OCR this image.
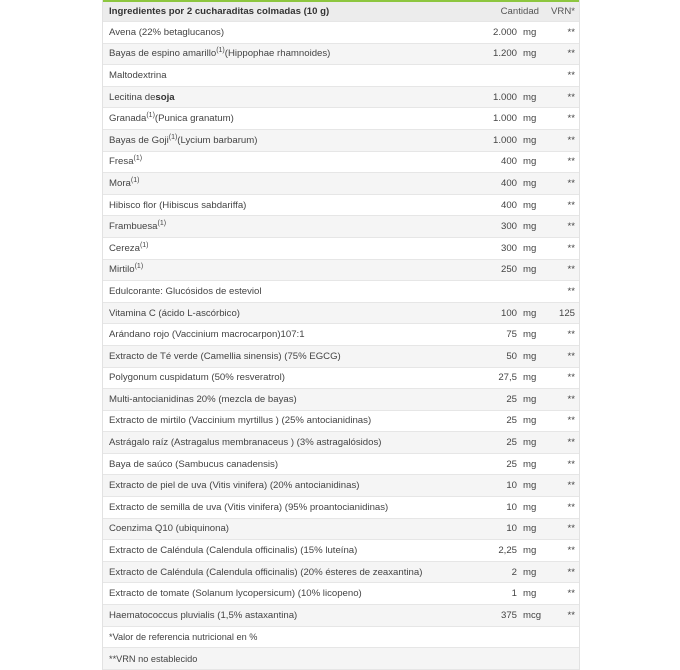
Ingredientes por 2 cucharaditas colmadas (10 g)	Cantidad	VRN*
Avena (22% betaglucanos)	2.000 mg	**
Bayas de espino amarillo$^{(1)}$ (Hippophae rhamnoides)	1.200 mg	**
Maltodextrina	**
Lecitina de soja	1.000 mg	**
Granada$^{(1)}$ (Punica granatum)	1.000 mg	**
Bayas de Goji$^{(1)}$ (Lycium barbarum)	1.000 mg	**
Fresa$^{(1)}$	400 mg	**
Mora$^{(1)}$	400 mg	**
Hibisco flor (Hibiscus sabdariffa)	400 mg	**
Frambuesa$^{(1)}$	300 mg	**
Cereza$^{(1)}$	300 mg	**
Mirtilo $^{(1)}$	250 mg	**
Edulcorante: Glucósidos de esteviol	**
Vitamina C (ácido L-ascórbico)	100 mg	125
Arándano rojo (Vaccinium macrocarpon)107:1	75 mg	**
Extracto de Té verde (Camellia sinensis) (75% EGCG)	50 mg	**
Polygonum cuspidatum (50% resveratrol)	27,5 mg	**
Multi-antocianidinas 20% (mezcla de bayas)	25 mg	**
Extracto de mirtilo (Vaccinium myrtillus ) (25% antocianidinas)	25 mg	**
Astrágalo raíz (Astragalus membranaceus ) (3% astragalósidos)	25 mg	**
Baya de saúco (Sambucus canadensis)	25 mg	**
Extracto de piel de uva (Vitis vinifera) (20% antocianidinas)	10 mg	**
Extracto de semilla de uva (Vitis vinifera) (95% proantocianidinas)	10 mg	**
Coenzima Q10 (ubiquinona)	10 mg	**
Extracto de Caléndula (Calendula officinalis) (15% luteína)	2,25 mg	**
Extracto de Caléndula (Calendula officinalis) (20% ésteres de zeaxantina)	2 mg	**
Extracto de tomate (Solanum lycopersicum) (10% licopeno)	1 mg	**
Haematococcus pluvialis (1,5% astaxantina)	375 mcg	**
*Valor de referencia nutricional en %
**VRN no establecido
